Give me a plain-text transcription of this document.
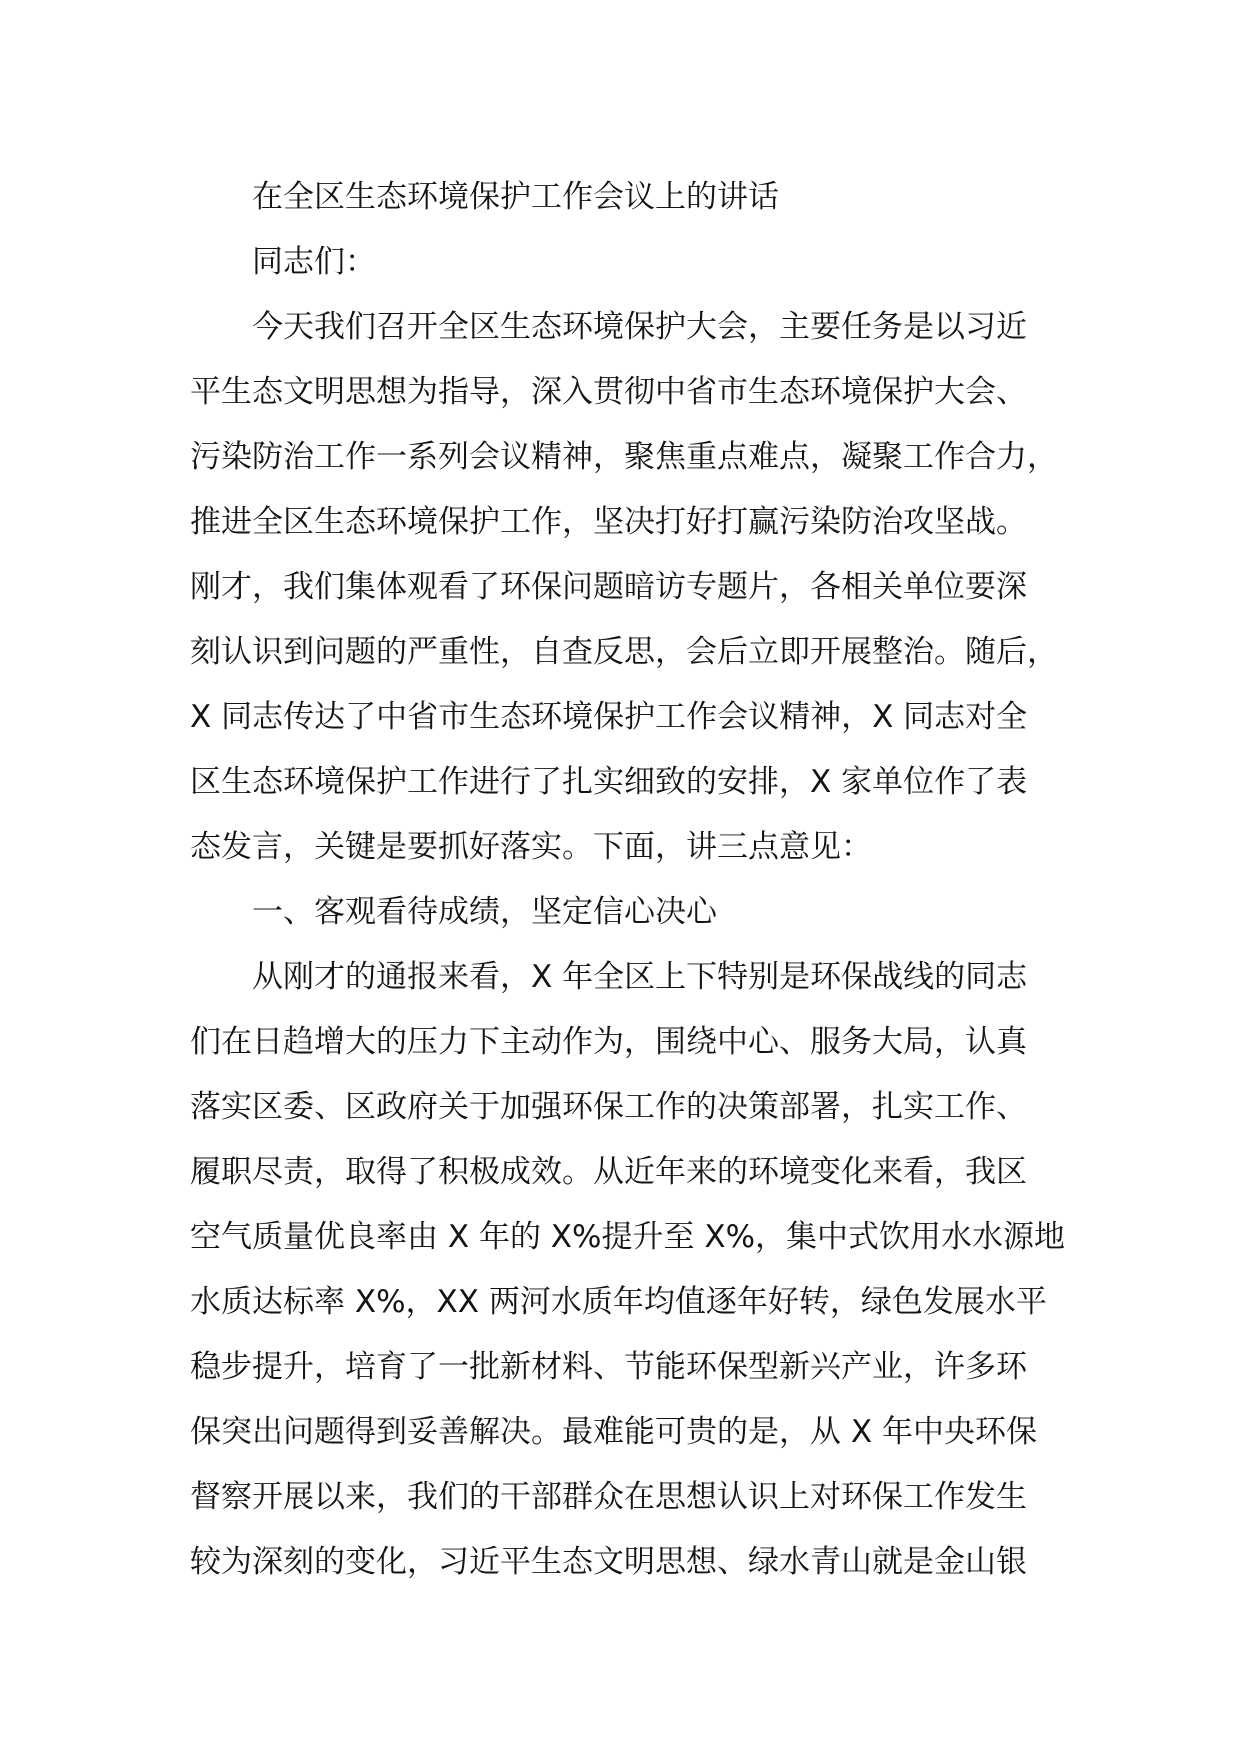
在全区生态环境保护工作会议上的讲话
同志们：
今天我们召开全区生态环境保护大会，主要任务是以习近
平生态文明思想为指导，深入贯彻中省市生态环境保护大会、
污染防治工作一系列会议精神，聚焦重点难点，凝聚工作合力，
推进全区生态环境保护工作，坚决打好打赢污染防治攻坚战。
刚才，我们集体观看了环保问题暗访专题片，各相关单位要深
刻认识到问题的严重性，自查反思，会后立即开展整治。随后，
X 同志传达了中省市生态环境保护工作会议精神，X 同志对全
区生态环境保护工作进行了扎实细致的安排，X 家单位作了表
态发言，关键是要抓好落实。下面，讲三点意见：
一、客观看待成绩，坚定信心决心
从刚才的通报来看，X 年全区上下特别是环保战线的同志
们在日趋增大的压力下主动作为，围绕中心、服务大局，认真
落实区委、区政府关于加强环保工作的决策部署，扎实工作、
履职尽责，取得了积极成效。从近年来的环境变化来看，我区
空气质量优良率由 X 年的 X%提升至 X%，集中式饮用水水源地
水质达标率 X%，XX 两河水质年均值逐年好转，绿色发展水平
稳步提升，培育了一批新材料、节能环保型新兴产业，许多环
保突出问题得到妥善解决。最难能可贵的是，从 X 年中央环保
督察开展以来，我们的干部群众在思想认识上对环保工作发生
较为深刻的变化，习近平生态文明思想、绿水青山就是金山银
